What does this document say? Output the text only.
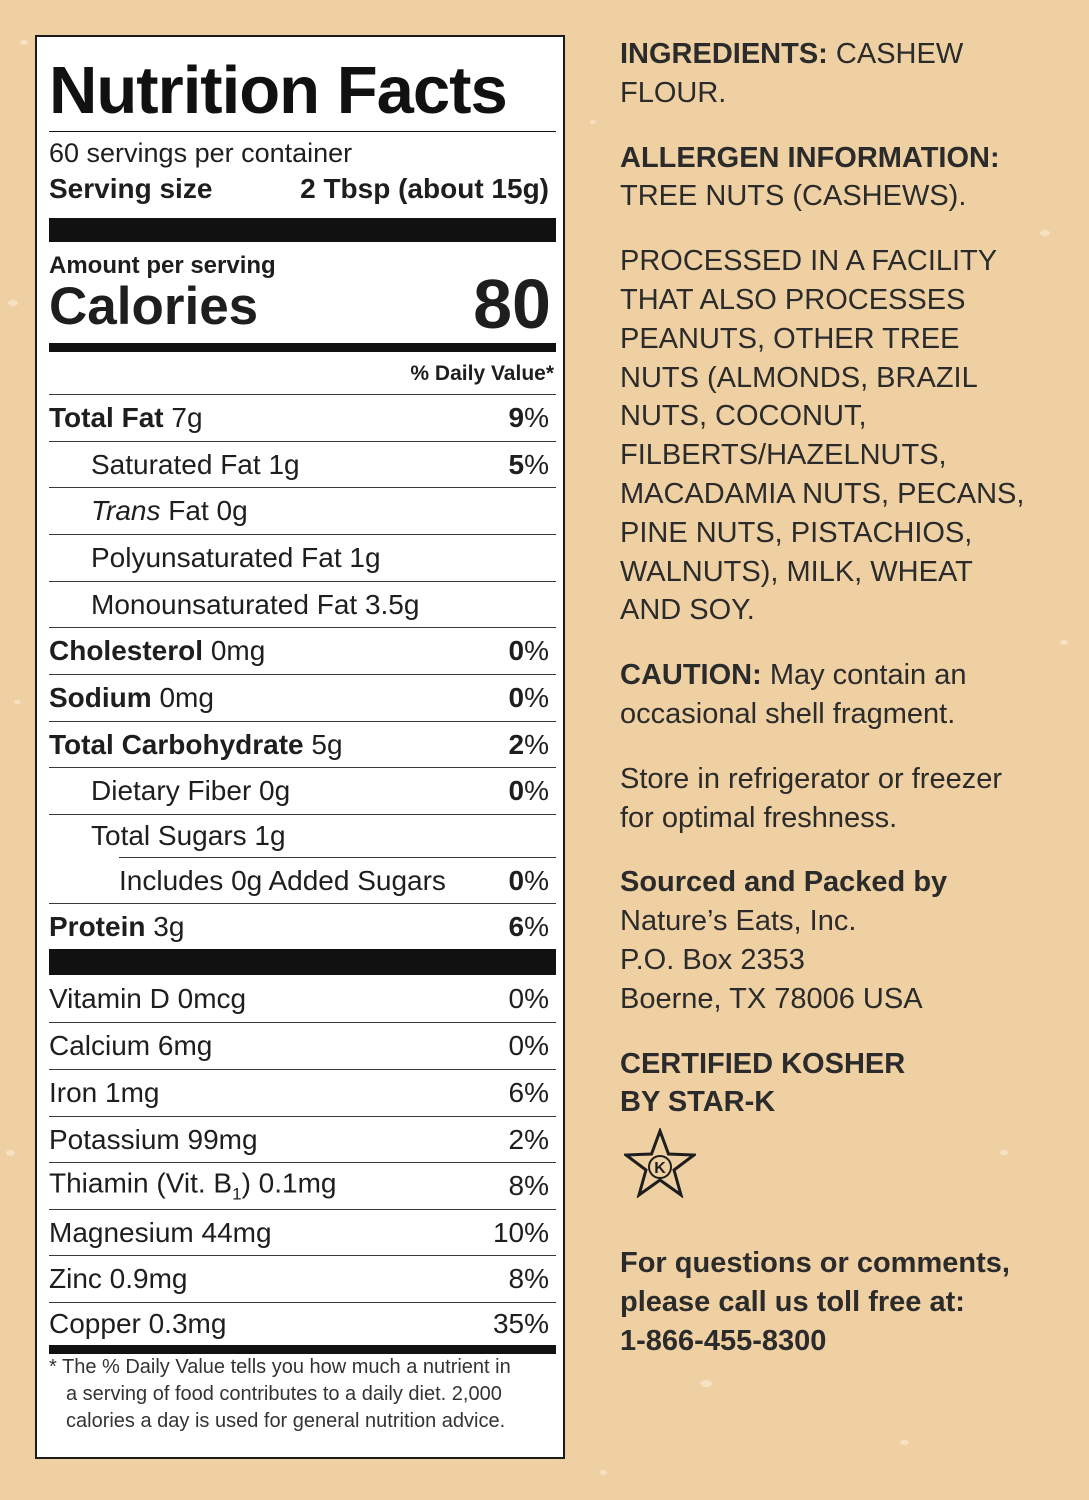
Nutrition Facts
60 servings per container
Serving size	2 Tbsp (about 15g)
Amount per serving
Calories	80
% Daily Value*
Total Fat 7g	9%
Saturated Fat 1g	5%
Trans Fat 0g
Polyunsaturated Fat 1g
Monounsaturated Fat 3.5g
Cholesterol 0mg	0%
Sodium 0mg	0%
Total Carbohydrate 5g	2%
Dietary Fiber 0g	0%
Total Sugars 1g
Includes 0g Added Sugars 0%
Protein 3g	6%
Vitamin D 0mcg	0%
Calcium 6mg	0%
Iron 1mg	6%
Potassium 99mg	2%
Thiamin (Vit. $B_1$) 0.1mg	8%
Magnesium 44mg	10%
Zinc 0.9mg	8%
Copper 0.3mg	35%

* The % Daily Value tells you how much a nutrient in

a serving of food contributes to a daily diet. 2,000

calories a day is used for general nutrition advice.

INGREDIENTS: CASHEW
FLOUR.

ALLERGEN INFORMATION:
TREE NUTS (CASHEWS).

PROCESSED IN A FACILITY
THAT ALSO PROCESSES
PEANUTS, OTHER TREE
NUTS (ALMONDS, BRAZIL
NUTS, COCONUT,
FILBERTS/HAZELNUTS,
MACADAMIA NUTS, PECANS,
PINE NUTS, PISTACHIOS,
WALNUTS), MILK, WHEAT
AND SOY.

CAUTION: May contain an
occasional shell fragment.

Store in refrigerator or freezer
for optimal freshness.

Sourced and Packed by
Nature’s Eats, Inc.
P.O. Box 2353
Boerne, TX 78006 USA

CERTIFIED KOSHER
BY STAR-K

For questions or comments,
please call us toll free at:
1-866-455-8300

K
